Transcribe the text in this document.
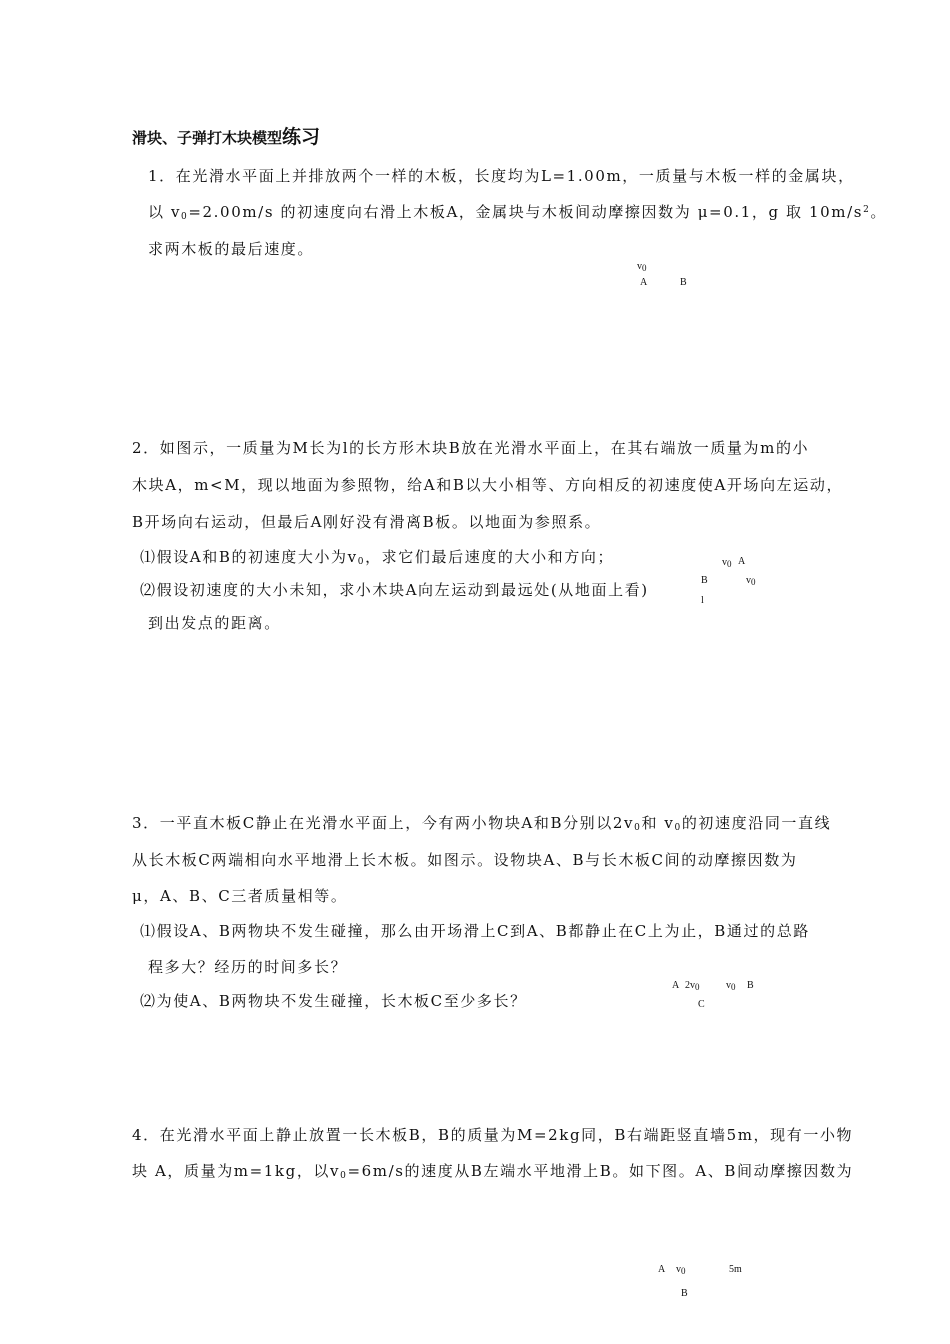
滑块、子弹打木块模型练习
1．在光滑水平面上并排放两个一样的木板，长度均为L=1.00m，一质量与木板一样的金属块，
以 $v_0=2.00m/s$ 的初速度向右滑上木板A，金属块与木板间动摩擦因数为 μ=0.1，g 取 $10m/s^2$。
求两木板的最后速度。
$v_0$
A	B
2．如图示，一质量为M长为l的长方形木块B放在光滑水平面上，在其右端放一质量为m的小
木块A，m<M，现以地面为参照物，给A和B以大小相等、方向相反的初速度使A开场向左运动，
B开场向右运动，但最后A刚好没有滑离B板。以地面为参照系。
⑴假设A和B的初速度大小为$v_0$，求它们最后速度的大小和方向；
⑵假设初速度的大小未知，求小木块A向左运动到最远处(从地面上看)
到出发点的距离。
$v_0$ A
B	$v_0$
l
3．一平直木板C静止在光滑水平面上，今有两小物块A和B分别以$2v_0$和 $v_0$的初速度沿同一直线
从长木板C两端相向水平地滑上长木板。如图示。设物块A、B与长木板C间的动摩擦因数为
μ，A、B、C三者质量相等。
⑴假设A、B两物块不发生碰撞，那么由开场滑上C到A、B都静止在C上为止，B通过的总路
程多大？经历的时间多长？
⑵为使A、B两物块不发生碰撞，长木板C至少多长？
A $2v_0$	$v_0$ B
C
4．在光滑水平面上静止放置一长木板B，B的质量为M=2kg同，B右端距竖直墙5m，现有一小物
块 A，质量为m=1kg，以$v_0=6m/s$的速度从B左端水平地滑上B。如下图。A、B间动摩擦因数为
A $v_0$	5m
B
